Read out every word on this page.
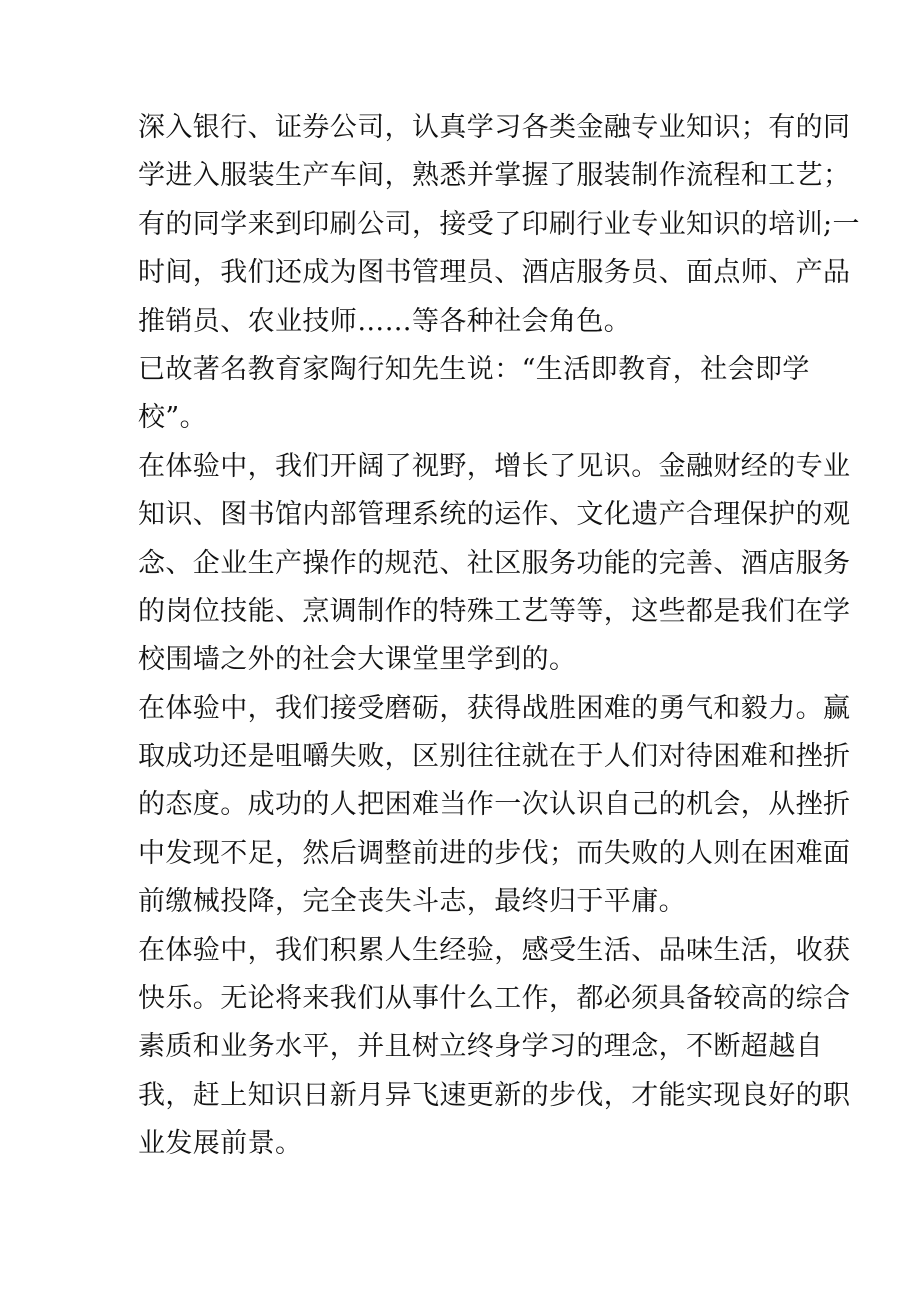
深入银行、证券公司，认真学习各类金融专业知识；有的同
学进入服装生产车间，熟悉并掌握了服装制作流程和工艺；
有的同学来到印刷公司，接受了印刷行业专业知识的培训;一
时间，我们还成为图书管理员、酒店服务员、面点师、产品
推销员、农业技师……等各种社会角色。
已故著名教育家陶行知先生说：“生活即教育，社会即学
校”。
在体验中，我们开阔了视野，增长了见识。金融财经的专业
知识、图书馆内部管理系统的运作、文化遗产合理保护的观
念、企业生产操作的规范、社区服务功能的完善、酒店服务
的岗位技能、烹调制作的特殊工艺等等，这些都是我们在学
校围墙之外的社会大课堂里学到的。
在体验中，我们接受磨砺，获得战胜困难的勇气和毅力。赢
取成功还是咀嚼失败，区别往往就在于人们对待困难和挫折
的态度。成功的人把困难当作一次认识自己的机会，从挫折
中发现不足，然后调整前进的步伐；而失败的人则在困难面
前缴械投降，完全丧失斗志，最终归于平庸。
在体验中，我们积累人生经验，感受生活、品味生活，收获
快乐。无论将来我们从事什么工作，都必须具备较高的综合
素质和业务水平，并且树立终身学习的理念，不断超越自
我，赶上知识日新月异飞速更新的步伐，才能实现良好的职
业发展前景。
